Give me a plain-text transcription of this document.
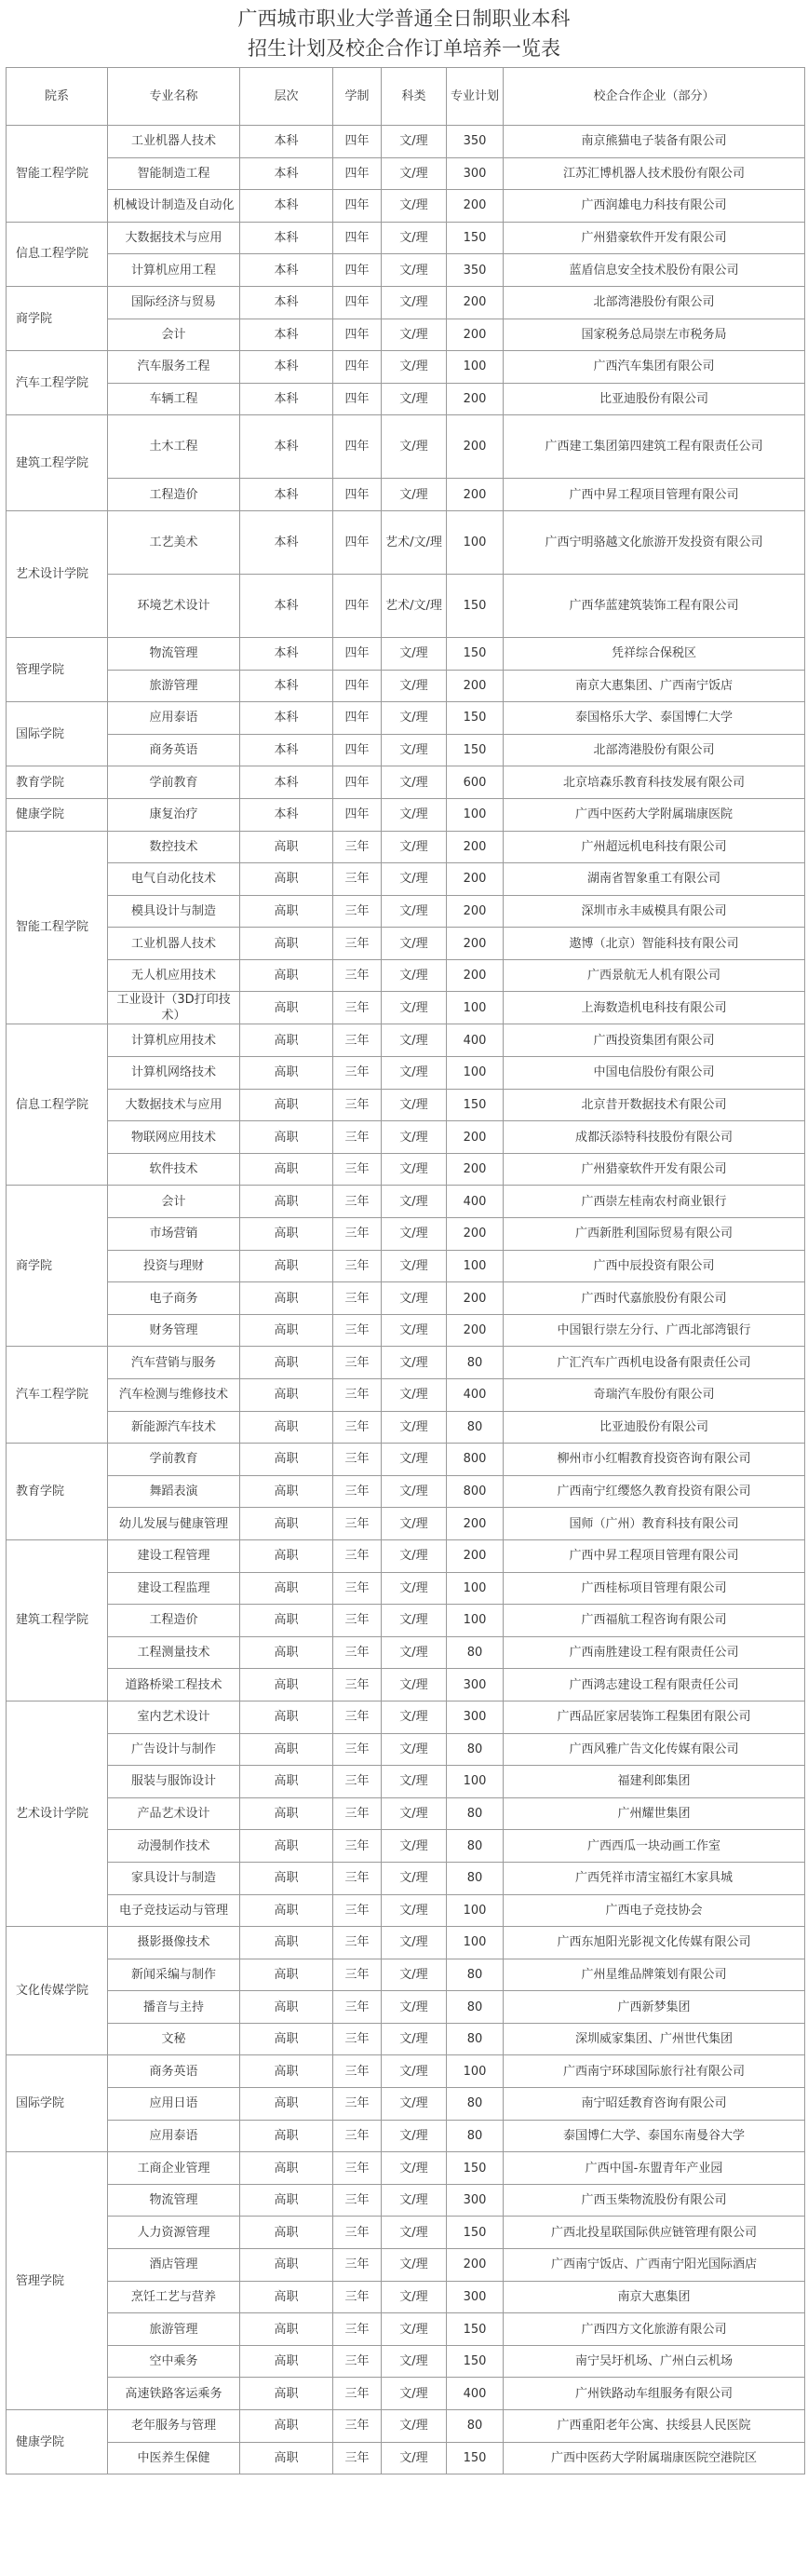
广西城市职业大学普通全日制职业本科
招生计划及校企合作订单培养一览表
院系	专业名称	层次	学制	科类	专业计划	校企合作企业（部分）
智能工程学院	工业机器人技术	本科	四年	文/理	350	南京熊猫电子装备有限公司
	智能制造工程	本科	四年	文/理	300	江苏汇博机器人技术股份有限公司
	机械设计制造及自动化	本科	四年	文/理	200	广西润雄电力科技有限公司
信息工程学院	大数据技术与应用	本科	四年	文/理	150	广州猎豪软件开发有限公司
	计算机应用工程	本科	四年	文/理	350	蓝盾信息安全技术股份有限公司
商学院	国际经济与贸易	本科	四年	文/理	200	北部湾港股份有限公司
	会计	本科	四年	文/理	200	国家税务总局崇左市税务局
汽车工程学院	汽车服务工程	本科	四年	文/理	100	广西汽车集团有限公司
	车辆工程	本科	四年	文/理	200	比亚迪股份有限公司
建筑工程学院	土木工程	本科	四年	文/理	200	广西建工集团第四建筑工程有限责任公司
	工程造价	本科	四年	文/理	200	广西中昇工程项目管理有限公司
艺术设计学院	工艺美术	本科	四年	艺术/文/理	100	广西宁明骆越文化旅游开发投资有限公司
	环境艺术设计	本科	四年	艺术/文/理	150	广西华蓝建筑装饰工程有限公司
管理学院	物流管理	本科	四年	文/理	150	凭祥综合保税区
	旅游管理	本科	四年	文/理	200	南京大惠集团、广西南宁饭店
国际学院	应用泰语	本科	四年	文/理	150	泰国格乐大学、泰国博仁大学
	商务英语	本科	四年	文/理	150	北部湾港股份有限公司
教育学院	学前教育	本科	四年	文/理	600	北京培森乐教育科技发展有限公司
健康学院	康复治疗	本科	四年	文/理	100	广西中医药大学附属瑞康医院
智能工程学院	数控技术	高职	三年	文/理	200	广州超远机电科技有限公司
	电气自动化技术	高职	三年	文/理	200	湖南省智象重工有限公司
	模具设计与制造	高职	三年	文/理	200	深圳市永丰威模具有限公司
	工业机器人技术	高职	三年	文/理	200	遨博（北京）智能科技有限公司
	无人机应用技术	高职	三年	文/理	200	广西景航无人机有限公司
	工业设计（3D打印技术）	高职	三年	文/理	100	上海数造机电科技有限公司
信息工程学院	计算机应用技术	高职	三年	文/理	400	广西投资集团有限公司
	计算机网络技术	高职	三年	文/理	100	中国电信股份有限公司
	大数据技术与应用	高职	三年	文/理	150	北京昔开数据技术有限公司
	物联网应用技术	高职	三年	文/理	200	成都沃添特科技股份有限公司
	软件技术	高职	三年	文/理	200	广州猎豪软件开发有限公司
商学院	会计	高职	三年	文/理	400	广西崇左桂南农村商业银行
	市场营销	高职	三年	文/理	200	广西新胜利国际贸易有限公司
	投资与理财	高职	三年	文/理	100	广西中辰投资有限公司
	电子商务	高职	三年	文/理	200	广西时代嘉旅股份有限公司
	财务管理	高职	三年	文/理	200	中国银行崇左分行、广西北部湾银行
汽车工程学院	汽车营销与服务	高职	三年	文/理	80	广汇汽车广西机电设备有限责任公司
	汽车检测与维修技术	高职	三年	文/理	400	奇瑞汽车股份有限公司
	新能源汽车技术	高职	三年	文/理	80	比亚迪股份有限公司
教育学院	学前教育	高职	三年	文/理	800	柳州市小红帽教育投资咨询有限公司
	舞蹈表演	高职	三年	文/理	800	广西南宁红缨悠久教育投资有限公司
	幼儿发展与健康管理	高职	三年	文/理	200	国师（广州）教育科技有限公司
建筑工程学院	建设工程管理	高职	三年	文/理	200	广西中昇工程项目管理有限公司
	建设工程监理	高职	三年	文/理	100	广西桂标项目管理有限公司
	工程造价	高职	三年	文/理	100	广西福航工程咨询有限公司
	工程测量技术	高职	三年	文/理	80	广西南胜建设工程有限责任公司
	道路桥梁工程技术	高职	三年	文/理	300	广西鸿志建设工程有限责任公司
艺术设计学院	室内艺术设计	高职	三年	文/理	300	广西品匠家居装饰工程集团有限公司
	广告设计与制作	高职	三年	文/理	80	广西风雅广告文化传媒有限公司
	服装与服饰设计	高职	三年	文/理	100	福建利郎集团
	产品艺术设计	高职	三年	文/理	80	广州耀世集团
	动漫制作技术	高职	三年	文/理	80	广西西瓜一块动画工作室
	家具设计与制造	高职	三年	文/理	80	广西凭祥市清宝福红木家具城
	电子竞技运动与管理	高职	三年	文/理	100	广西电子竞技协会
文化传媒学院	摄影摄像技术	高职	三年	文/理	100	广西东旭阳光影视文化传媒有限公司
	新闻采编与制作	高职	三年	文/理	80	广州星维品牌策划有限公司
	播音与主持	高职	三年	文/理	80	广西新梦集团
	文秘	高职	三年	文/理	80	深圳威家集团、广州世代集团
国际学院	商务英语	高职	三年	文/理	100	广西南宁环球国际旅行社有限公司
	应用日语	高职	三年	文/理	80	南宁昭廷教育咨询有限公司
	应用泰语	高职	三年	文/理	80	泰国博仁大学、泰国东南曼谷大学
管理学院	工商企业管理	高职	三年	文/理	150	广西中国-东盟青年产业园
	物流管理	高职	三年	文/理	300	广西玉柴物流股份有限公司
	人力资源管理	高职	三年	文/理	150	广西北投星联国际供应链管理有限公司
	酒店管理	高职	三年	文/理	200	广西南宁饭店、广西南宁阳光国际酒店
	烹饪工艺与营养	高职	三年	文/理	300	南京大惠集团
	旅游管理	高职	三年	文/理	150	广西四方文化旅游有限公司
	空中乘务	高职	三年	文/理	150	南宁吴圩机场、广州白云机场
	高速铁路客运乘务	高职	三年	文/理	400	广州铁路动车组服务有限公司
健康学院	老年服务与管理	高职	三年	文/理	80	广西重阳老年公寓、扶绥县人民医院
	中医养生保健	高职	三年	文/理	150	广西中医药大学附属瑞康医院空港院区
